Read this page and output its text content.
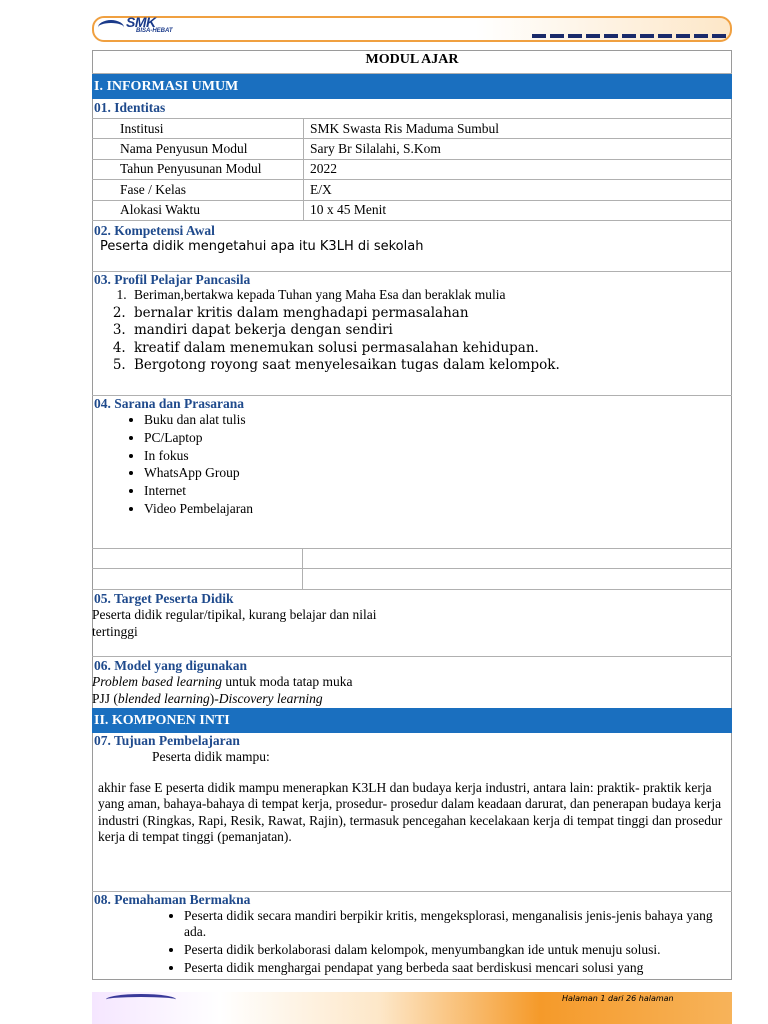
SMK
BISA-HEBAT
MODUL AJAR
I. INFORMASI UMUM
01. Identitas
Institusi	SMK Swasta Ris Maduma Sumbul
Nama Penyusun Modul	Sary Br Silalahi, S.Kom
Tahun Penyusunan Modul	2022
Fase / Kelas	E/X
Alokasi Waktu	10 x 45 Menit
02. Kompetensi Awal
Peserta didik mengetahui apa itu K3LH di sekolah
03. Profil Pelajar Pancasila
1. Beriman,bertakwa kepada Tuhan yang Maha Esa dan beraklak mulia
2. bernalar kritis dalam menghadapi permasalahan
3. mandiri dapat bekerja dengan sendiri
4. kreatif dalam menemukan solusi permasalahan kehidupan.
5. Bergotong royong saat menyelesaikan tugas dalam kelompok.
04. Sarana dan Prasarana
• Buku dan alat tulis
• PC/Laptop
• In fokus
• WhatsApp Group
• Internet
• Video Pembelajaran
05. Target Peserta Didik
Peserta didik regular/tipikal, kurang belajar dan nilai
tertinggi
06. Model yang digunakan
Problem based learning untuk moda tatap muka
PJJ (blended learning)-Discovery learning
II. KOMPONEN INTI
07. Tujuan Pembelajaran
Peserta didik mampu:
akhir fase E peserta didik mampu menerapkan K3LH dan budaya kerja industri, antara lain: praktik- praktik kerja yang aman, bahaya-bahaya di tempat kerja, prosedur- prosedur dalam keadaan darurat, dan penerapan budaya kerja industri (Ringkas, Rapi, Resik, Rawat, Rajin), termasuk pencegahan kecelakaan kerja di tempat tinggi dan prosedur kerja di tempat tinggi (pemanjatan).
08. Pemahaman Bermakna
• Peserta didik secara mandiri berpikir kritis, mengeksplorasi, menganalisis jenis-jenis bahaya yang ada.
• Peserta didik berkolaborasi dalam kelompok, menyumbangkan ide untuk menuju solusi.
• Peserta didik menghargai pendapat yang berbeda saat berdiskusi mencari solusi yang
Halaman 1 dari 26 halaman
